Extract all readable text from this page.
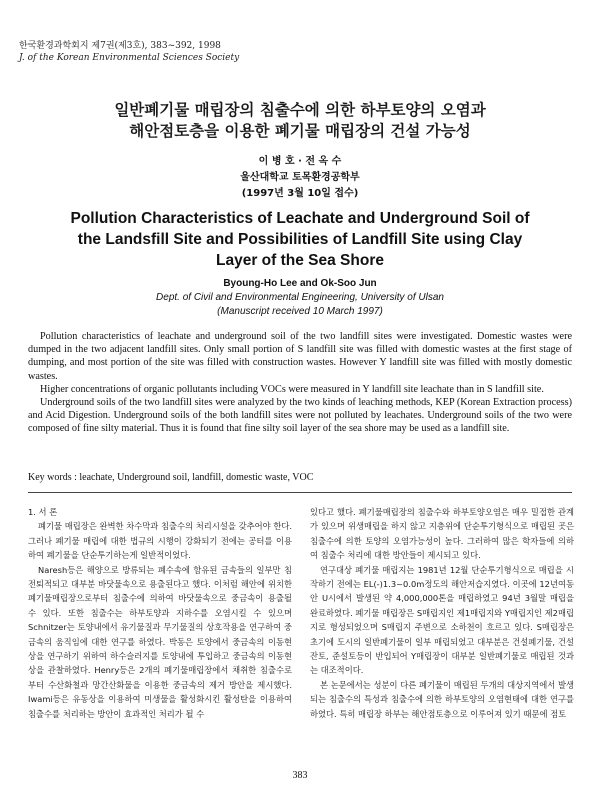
한국환경과학회지 제7권(제3호), 383~392, 1998
J. of the Korean Environmental Sciences Society
일반폐기물 매립장의 침출수에 의한 하부토양의 오염과
해안점토층을 이용한 폐기물 매립장의 건설 가능성
이 병 호 · 전 옥 수
울산대학교 토목환경공학부
(1997년 3월 10일 접수)
Pollution Characteristics of Leachate and Underground Soil of
the Landsfill Site and Possibilities of Landfill Site using Clay
Layer of the Sea Shore
Byoung-Ho Lee and Ok-Soo Jun
Dept. of Civil and Environmental Engineering, University of Ulsan
(Manuscript received 10 March 1997)

Pollution characteristics of leachate and underground soil of the two landfill sites were investigated. Domestic wastes were dumped in the two adjacent landfill sites. Only small portion of S landfill site was filled with domestic wastes at the first stage of dumping, and most portion of the site was filled with construction wastes. However Y landfill site was filled with mostly domestic wastes.

Higher concentrations of organic pollutants including VOCs were measured in Y landfill site leachate than in S landfill site.

Underground soils of the two landfill sites were analyzed by the two kinds of leaching methods, KEP (Korean Extraction process) and Acid Digestion. Underground soils of the both landfill sites were not polluted by leachates. Underground soils of the two were composed of fine silty material. Thus it is found that fine silty soil layer of the sea shore may be used as a landfill site.

Key words : leachate, Underground soil, landfill, domestic waste, VOC

1. 서 론

폐기물 매립장은 완벽한 차수막과 침출수의 처리시설을 갖추어야 한다. 그러나 폐기물 매립에 대한 법규의 시행이 강화되기 전에는 공터를 이용하여 폐기물을 단순투기하는게 일반적이었다.

Naresh등은 해양으로 방류되는 폐수속에 함유된 금속들의 일부만 침전퇴적되고 대부분 바닷물속으로 용출된다고 했다. 이처럼 해안에 위치한 폐기물매립장으로부터 침출수에 의하여 바닷물속으로 중금속이 용출될 수 있다. 또한 침출수는 하부토양과 지하수를 오염시킬 수 있으며 Schnitzer는 토양내에서 유기물질과 무기물질의 상호작용을 연구하여 중금속의 움직임에 대한 연구를 하였다. 박동은 토양에서 중금속의 이동현상을 연구하기 위하여 하수슬러지를 토양내에 투입하고 중금속의 이동현상을 관찰하였다. Henry등은 2개의 폐기물매립장에서 채취한 침출수로 부터 수산화철과 망간산화물을 이용한 중금속의 제거 방안을 제시했다. Iwami등은 유동상을 이용하여 미생물을 활성화시킨 활성탄을 이용하여 침출수를 처리하는 방안이 효과적인 처리가 될 수

있다고 했다. 폐기물매립장의 침출수와 하부토양오염은 매우 밀접한 관계가 있으며 위생매립을 하지 않고 지층위에 단순투기형식으로 매립된 곳은 침출수에 의한 토양의 오염가능성이 높다. 그러하여 많은 학자들에 의하여 침출수 처리에 대한 방안들이 제시되고 있다.

연구대상 폐기물 매립지는 1981년 12월 단순투기형식으로 매립을 시작하기 전에는 EL(-)1.3~0.0m정도의 해안저습지였다. 이곳에 12년여동안 U시에서 발생된 약 4,000,000톤을 매립하였고 94년 3월말 매립을 완료하였다. 폐기물 매립장은 S매립지인 제1매립지와 Y매립지인 제2매립지로 형성되었으며 S매립지 주변으로 소하천이 흐르고 있다. S매립장은 초기에 도시의 일반폐기물이 일부 매립되었고 대부분은 건설폐기물, 건설잔토, 준설토등이 반입되어 Y매립장이 대부분 일반폐기물로 매립된 것과는 대조적이다.

본 논문에서는 성분이 다른 폐기물이 매립된 두개의 대상지역에서 발생되는 침출수의 특성과 침출수에 의한 하부토양의 오염현태에 대한 연구를 하였다. 특히 매립장 하부는 해안점토층으로 이루어져 있기 때문에 점토

383
